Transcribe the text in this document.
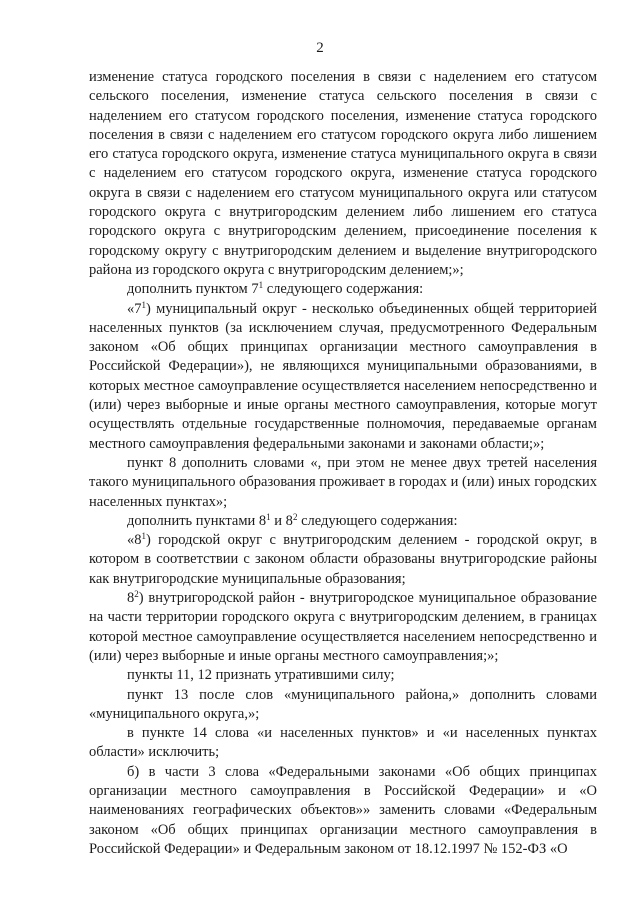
2

изменение статуса городского поселения в связи с наделением его статусом сельского поселения, изменение статуса сельского поселения в связи с наделением его статусом городского поселения, изменение статуса городского поселения в связи с наделением его статусом городского округа либо лишением его статуса городского округа, изменение статуса муниципального округа в связи с наделением его статусом городского округа, изменение статуса городского округа в связи с наделением его статусом муниципального округа или статусом городского округа с внутригородским делением либо лишением его статуса городского округа с внутригородским делением, присоединение поселения к городскому округу с внутригородским делением и выделение внутригородского района из городского округа с внутригородским делением;»;

дополнить пунктом $7^1$ следующего содержания:

«$7^1$) муниципальный округ - несколько объединенных общей территорией населенных пунктов (за исключением случая, предусмотренного Федеральным законом «Об общих принципах организации местного самоуправления в Российской Федерации»), не являющихся муниципальными образованиями, в которых местное самоуправление осуществляется населением непосредственно и (или) через выборные и иные органы местного самоуправления, которые могут осуществлять отдельные государственные полномочия, передаваемые органам местного самоуправления федеральными законами и законами области;»;

пункт 8 дополнить словами «, при этом не менее двух третей населения такого муниципального образования проживает в городах и (или) иных городских населенных пунктах»;

дополнить пунктами $8^1$ и $8^2$ следующего содержания:

«$8^1$) городской округ с внутригородским делением - городской округ, в котором в соответствии с законом области образованы внутригородские районы как внутригородские муниципальные образования;

$8^2$) внутригородской район - внутригородское муниципальное образование на части территории городского округа с внутригородским делением, в границах которой местное самоуправление осуществляется населением непосредственно и (или) через выборные и иные органы местного самоуправления;»;

пункты 11, 12 признать утратившими силу;

пункт 13 после слов «муниципального района,» дополнить словами «муниципального округа,»;

в пункте 14 слова «и населенных пунктов» и «и населенных пунктах области» исключить;

б) в части 3 слова «Федеральными законами «Об общих принципах организации местного самоуправления в Российской Федерации» и «О наименованиях географических объектов»» заменить словами «Федеральным законом «Об общих принципах организации местного самоуправления в Российской Федерации» и Федеральным законом от 18.12.1997 № 152-ФЗ «О
